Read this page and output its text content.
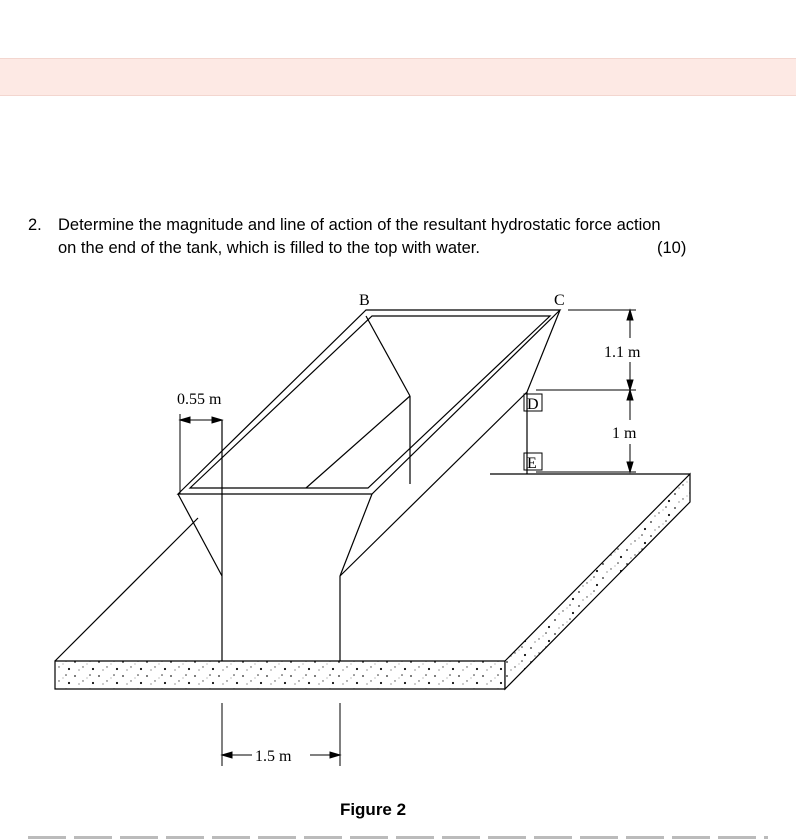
2. Determine the magnitude and line of action of the resultant hydrostatic force action
on the end of the tank, which is filled to the top with water.	(10)
B	C
D
E
0.55 m
1.1 m
1 m
1.5 m
Figure 2
